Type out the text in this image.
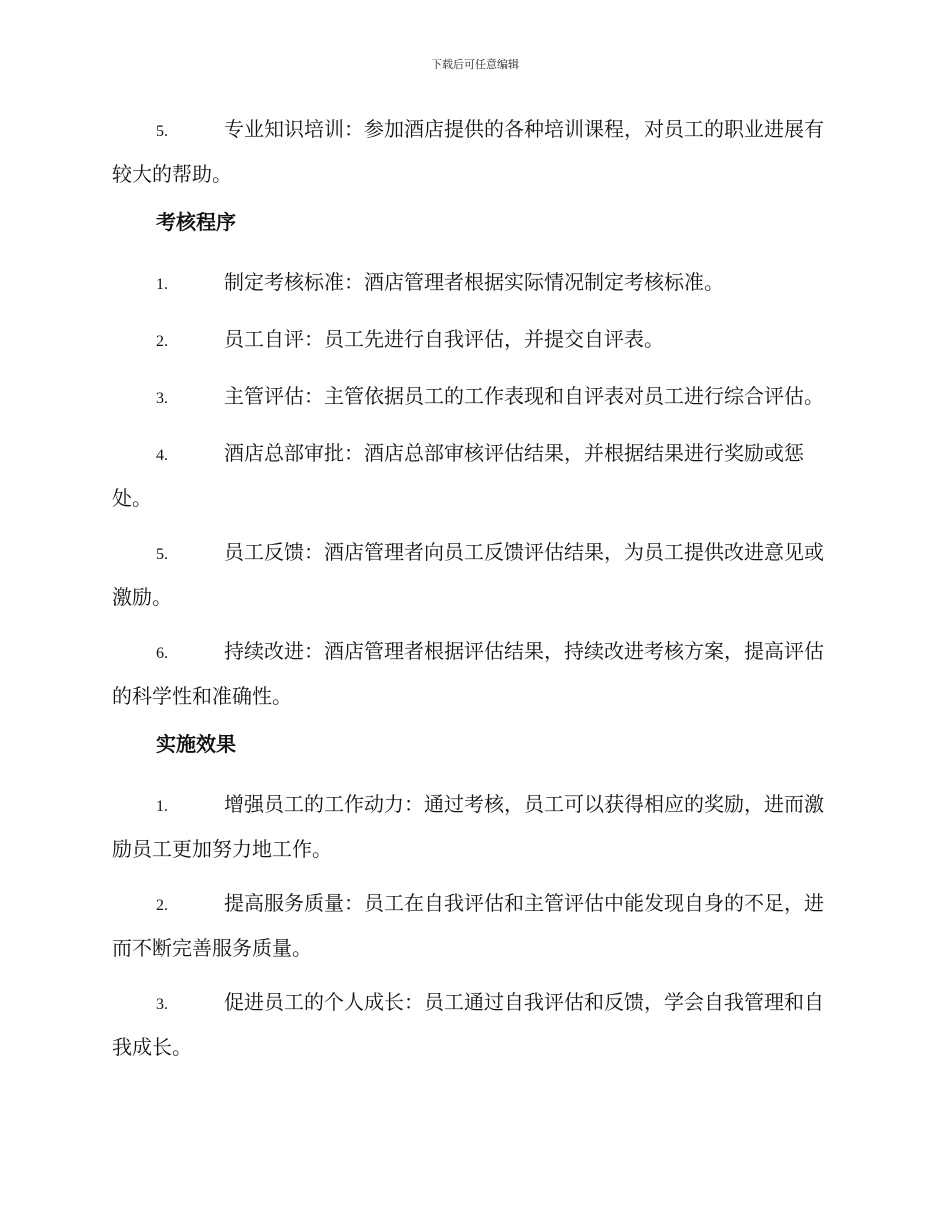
下载后可任意编辑

5.	专业知识培训：参加酒店提供的各种培训课程，对员工的职业进展有较大的帮助。

考核程序

1.	制定考核标准：酒店管理者根据实际情况制定考核标准。

2.	员工自评：员工先进行自我评估，并提交自评表。

3.	主管评估：主管依据员工的工作表现和自评表对员工进行综合评估。

4.	酒店总部审批：酒店总部审核评估结果，并根据结果进行奖励或惩处。

5.	员工反馈：酒店管理者向员工反馈评估结果，为员工提供改进意见或激励。

6.	持续改进：酒店管理者根据评估结果，持续改进考核方案，提高评估的科学性和准确性。

实施效果

1.	增强员工的工作动力：通过考核，员工可以获得相应的奖励，进而激励员工更加努力地工作。

2.	提高服务质量：员工在自我评估和主管评估中能发现自身的不足，进而不断完善服务质量。

3.	促进员工的个人成长：员工通过自我评估和反馈，学会自我管理和自我成长。
